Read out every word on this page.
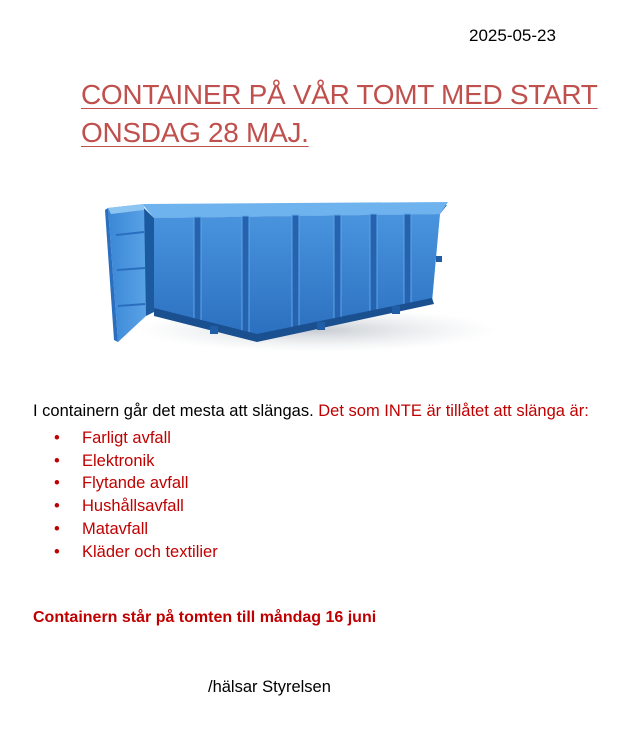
2025-05-23
CONTAINER PÅ VÅR TOMT MED START
ONSDAG 28 MAJ.
I containern går det mesta att slängas. Det som INTE är tillåtet att slänga är:
• Farligt avfall
• Elektronik
• Flytande avfall
• Hushållsavfall
• Matavfall
• Kläder och textilier
Containern står på tomten till måndag 16 juni
/hälsar Styrelsen
